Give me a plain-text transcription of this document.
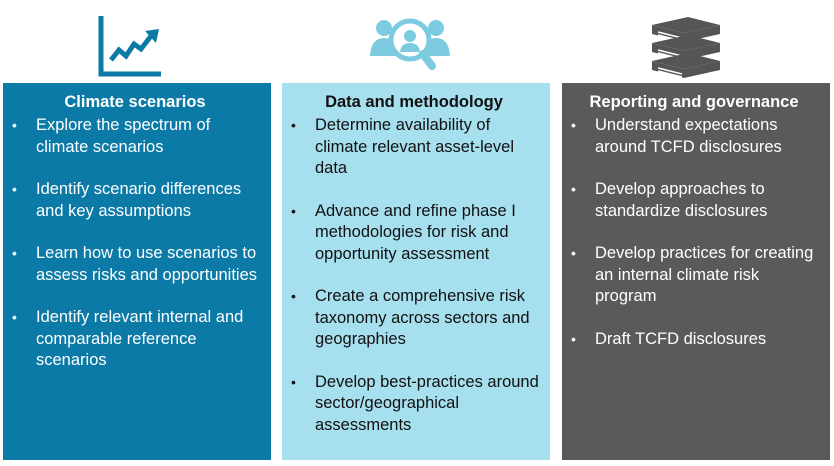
Climate scenarios
• Explore the spectrum of climate scenarios
• Identify scenario differences and key assumptions
• Learn how to use scenarios to assess risks and opportunities
• Identify relevant internal and comparable reference scenarios
Data and methodology
• Determine availability of climate relevant asset-level data
• Advance and refine phase I methodologies for risk and opportunity assessment
• Create a comprehensive risk taxonomy across sectors and geographies
• Develop best-practices around sector/geographical assessments
Reporting and governance
• Understand expectations around TCFD disclosures
• Develop approaches to standardize disclosures
• Develop practices for creating an internal climate risk program
• Draft TCFD disclosures
